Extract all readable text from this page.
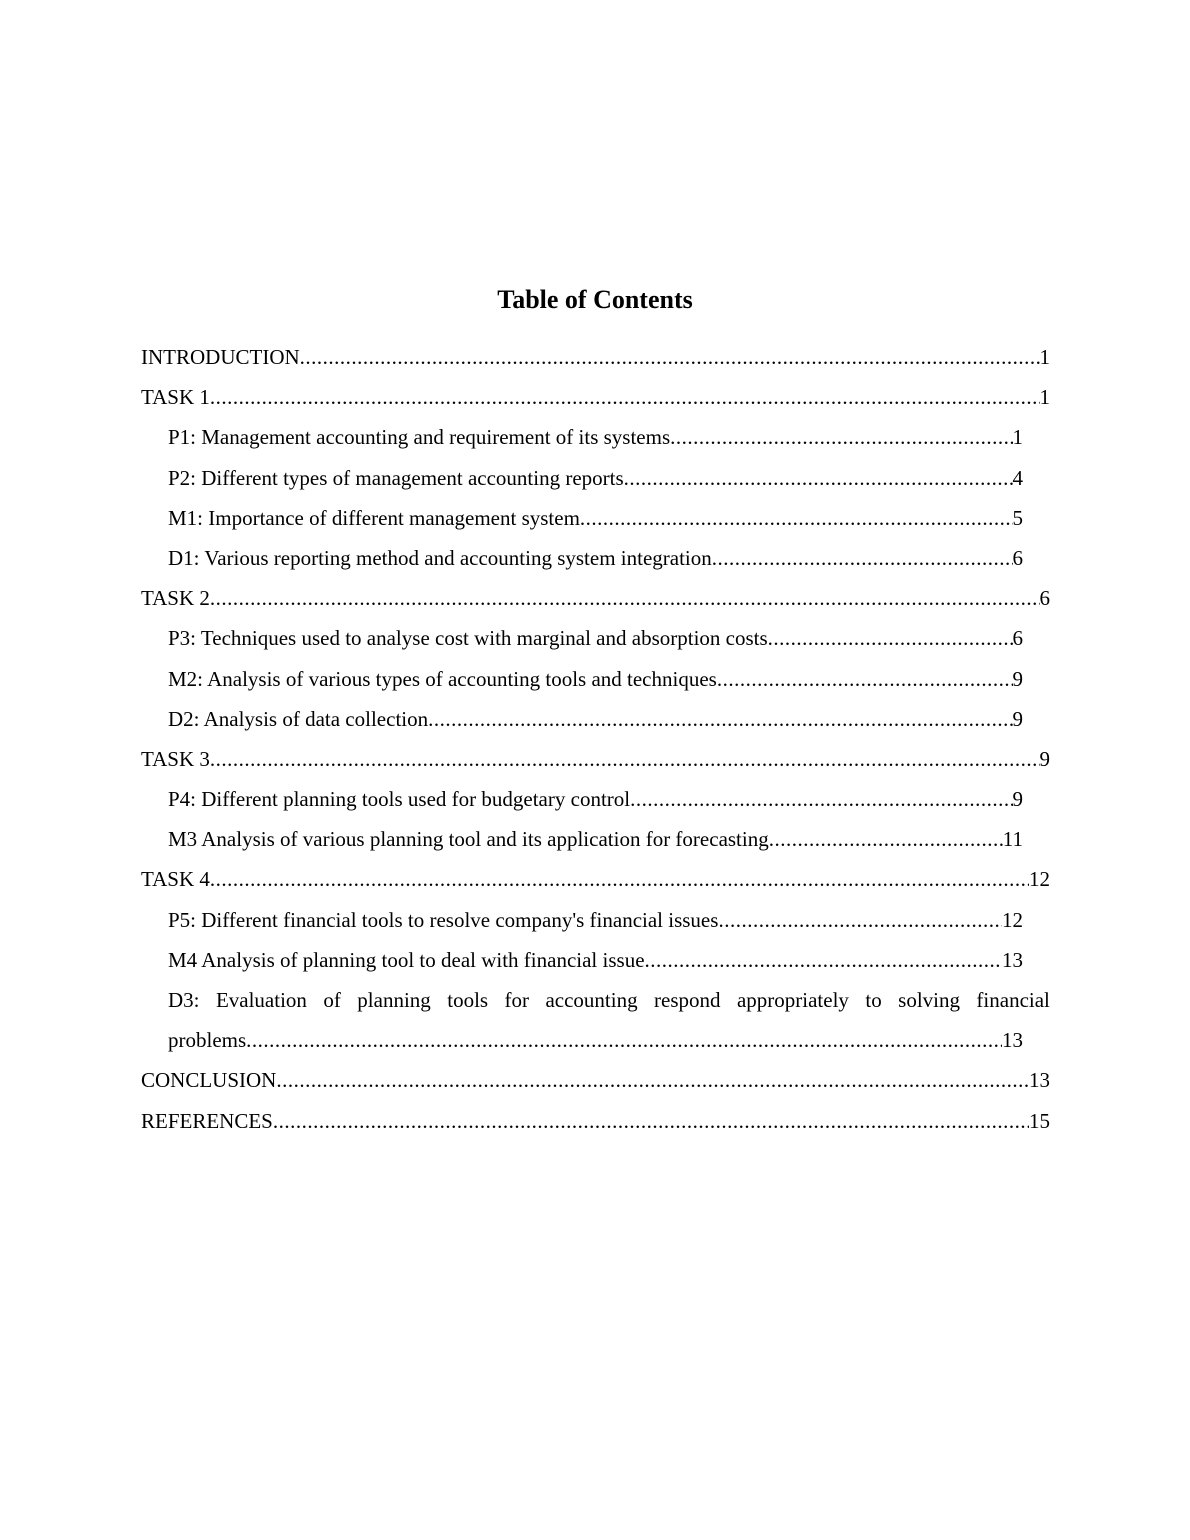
Table of Contents
INTRODUCTION .....	1
TASK 1 .....	1
P1: Management accounting and requirement of its systems .....	1
P2: Different types of management accounting reports .....	4
M1: Importance of different management system .....	5
D1: Various reporting method and accounting system integration .....	6
TASK 2 .....	6
P3: Techniques used to analyse cost with marginal and absorption costs .....	6
M2: Analysis of various types of accounting tools and techniques .....	9
D2: Analysis of data collection .....	9
TASK 3 .....	9
P4: Different planning tools used for budgetary control .....	9
M3 Analysis of various planning tool and its application for forecasting .....	11
TASK 4 .....	12
P5: Different financial tools to resolve company's financial issues .....	12
M4 Analysis of planning tool to deal with financial issue .....	13
D3: Evaluation of planning tools for accounting respond appropriately to solving financial
problems .....	13
CONCLUSION .....	13
REFERENCES .....	15
